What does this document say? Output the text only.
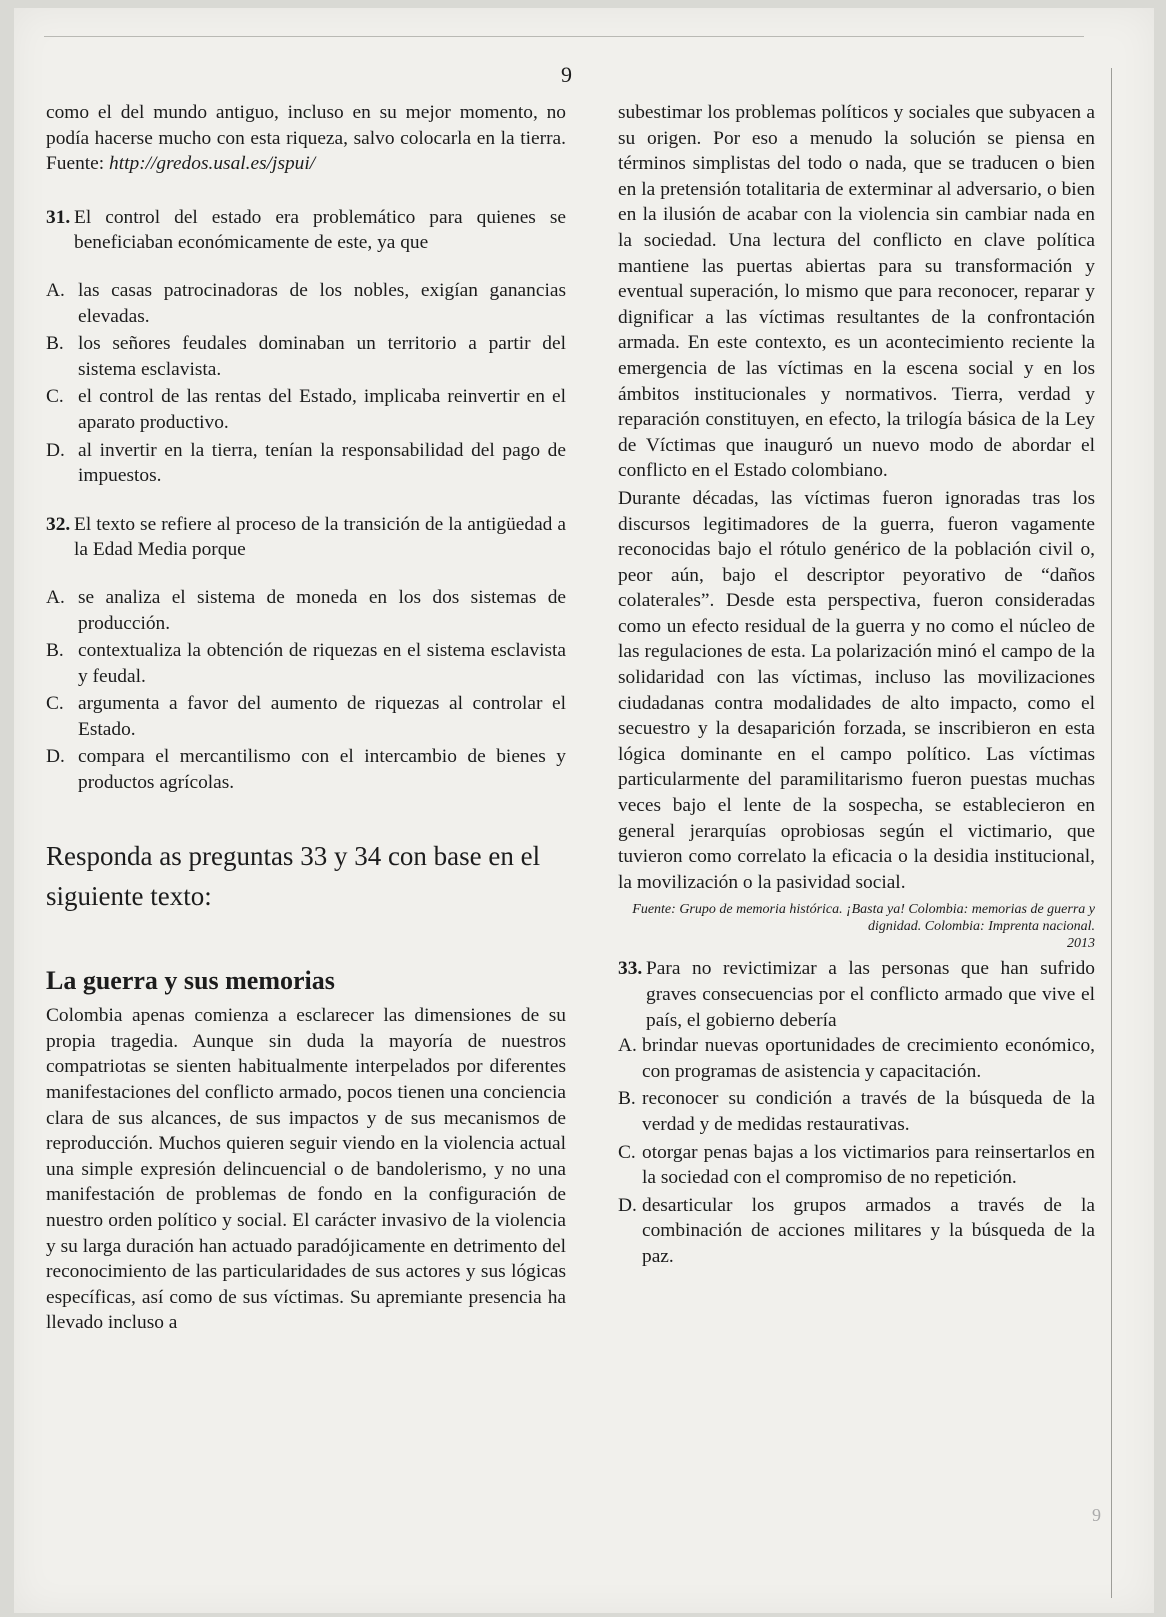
9
9

como el del mundo antiguo, incluso en su mejor momento, no podía hacerse mucho con esta riqueza, salvo colocarla en la tierra. Fuente: http://gredos.usal.es/jspui/

31. El control del estado era problemático para quienes se beneficiaban económicamente de este, ya que

A. las casas patrocinadoras de los nobles, exigían ganancias elevadas.
B. los señores feudales dominaban un territorio a partir del sistema esclavista.
C. el control de las rentas del Estado, implicaba reinvertir en el aparato productivo.
D. al invertir en la tierra, tenían la responsabilidad del pago de impuestos.
32. El texto se refiere al proceso de la transición de la antigüedad a la Edad Media porque

A. se analiza el sistema de moneda en los dos sistemas de producción.
B. contextualiza la obtención de riquezas en el sistema esclavista y feudal.
C. argumenta a favor del aumento de riquezas al controlar el Estado.
D. compara el mercantilismo con el intercambio de bienes y productos agrícolas.
Responda as preguntas 33 y 34 con base en el siguiente texto:
La guerra y sus memorias

Colombia apenas comienza a esclarecer las dimensiones de su propia tragedia. Aunque sin duda la mayoría de nuestros compatriotas se sienten habitualmente interpelados por diferentes manifestaciones del conflicto armado, pocos tienen una conciencia clara de sus alcances, de sus impactos y de sus mecanismos de reproducción. Muchos quieren seguir viendo en la violencia actual una simple expresión delincuencial o de bandolerismo, y no una manifestación de problemas de fondo en la configuración de nuestro orden político y social. El carácter invasivo de la violencia y su larga duración han actuado paradójicamente en detrimento del reconocimiento de las particularidades de sus actores y sus lógicas específicas, así como de sus víctimas. Su apremiante presencia ha llevado incluso a

subestimar los problemas políticos y sociales que subyacen a su origen. Por eso a menudo la solución se piensa en términos simplistas del todo o nada, que se traducen o bien en la pretensión totalitaria de exterminar al adversario, o bien en la ilusión de acabar con la violencia sin cambiar nada en la sociedad. Una lectura del conflicto en clave política mantiene las puertas abiertas para su transformación y eventual superación, lo mismo que para reconocer, reparar y dignificar a las víctimas resultantes de la confrontación armada. En este contexto, es un acontecimiento reciente la emergencia de las víctimas en la escena social y en los ámbitos institucionales y normativos. Tierra, verdad y reparación constituyen, en efecto, la trilogía básica de la Ley de Víctimas que inauguró un nuevo modo de abordar el conflicto en el Estado colombiano.

Durante décadas, las víctimas fueron ignoradas tras los discursos legitimadores de la guerra, fueron vagamente reconocidas bajo el rótulo genérico de la población civil o, peor aún, bajo el descriptor peyorativo de “daños colaterales”. Desde esta perspectiva, fueron consideradas como un efecto residual de la guerra y no como el núcleo de las regulaciones de esta. La polarización minó el campo de la solidaridad con las víctimas, incluso las movilizaciones ciudadanas contra modalidades de alto impacto, como el secuestro y la desaparición forzada, se inscribieron en esta lógica dominante en el campo político. Las víctimas particularmente del paramilitarismo fueron puestas muchas veces bajo el lente de la sospecha, se establecieron en general jerarquías oprobiosas según el victimario, que tuvieron como correlato la eficacia o la desidia institucional, la movilización o la pasividad social.

Fuente: Grupo de memoria histórica. ¡Basta ya! Colombia: memorias de guerra y dignidad. Colombia: Imprenta nacional.
2013
33. Para no revictimizar a las personas que han sufrido graves consecuencias por el conflicto armado que vive el país, el gobierno debería

A. brindar nuevas oportunidades de crecimiento económico, con programas de asistencia y capacitación.
B. reconocer su condición a través de la búsqueda de la verdad y de medidas restaurativas.
C. otorgar penas bajas a los victimarios para reinsertarlos en la sociedad con el compromiso de no repetición.
D. desarticular los grupos armados a través de la combinación de acciones militares y la búsqueda de la paz.
